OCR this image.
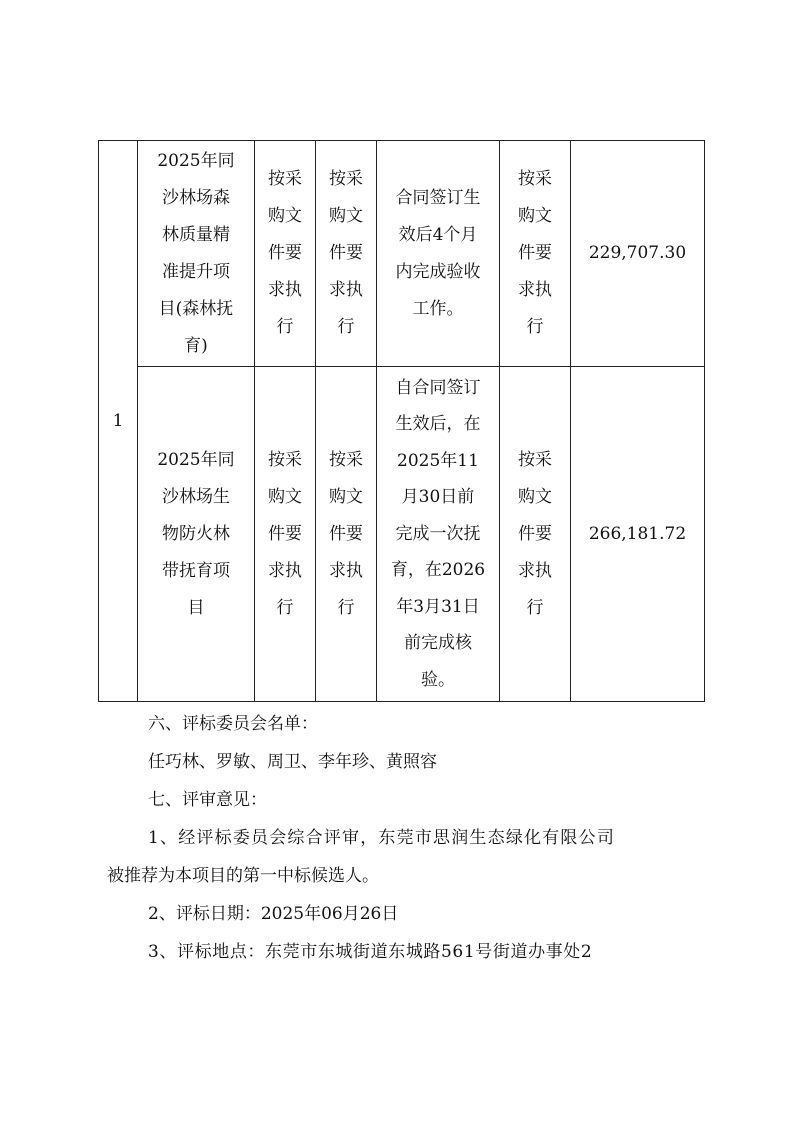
1
2025年同
沙林场森
林质量精
准提升项
目(森林抚
育)
按采
购文
件要
求执
行
按采
购文
件要
求执
行
合同签订生
效后4个月
内完成验收
工作。
按采
购文
件要
求执
行
229,707.30
2025年同
沙林场生
物防火林
带抚育项
目
按采
购文
件要
求执
行
按采
购文
件要
求执
行
自合同签订
生效后，在
2025年11
月30日前
完成一次抚
育，在2026
年3月31日
前完成核
验。
按采
购文
件要
求执
行
266,181.72
六、评标委员会名单：
任巧林、罗敏、周卫、李年珍、黄照容
七、评审意见：
1、经评标委员会综合评审，东莞市思润生态绿化有限公司
被推荐为本项目的第一中标候选人。
2、评标日期：2025年06月26日
3、评标地点：东莞市东城街道东城路561号街道办事处2
